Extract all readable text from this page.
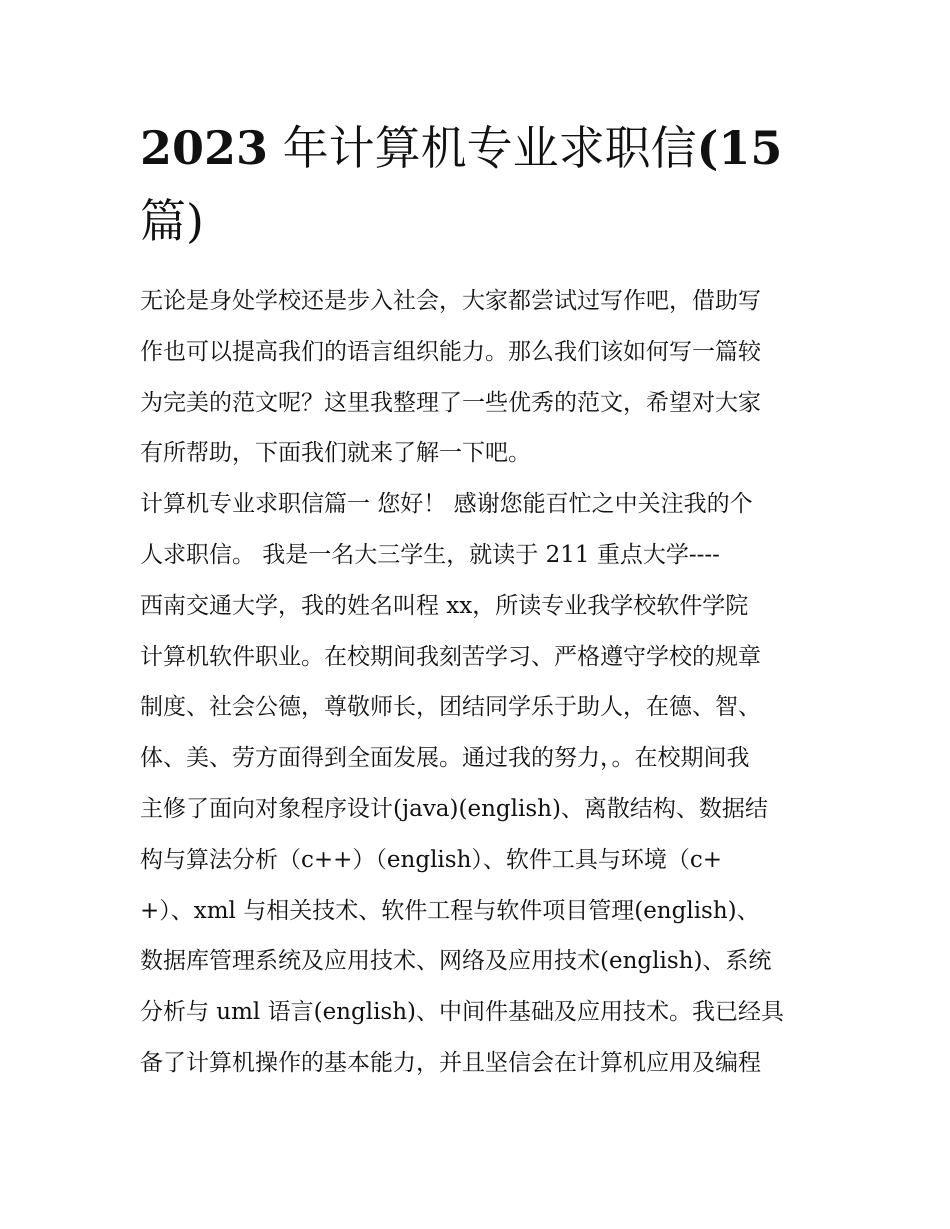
2023 年计算机专业求职信(15
篇)
无论是身处学校还是步入社会，大家都尝试过写作吧，借助写
作也可以提高我们的语言组织能力。那么我们该如何写一篇较
为完美的范文呢？这里我整理了一些优秀的范文，希望对大家
有所帮助，下面我们就来了解一下吧。
计算机专业求职信篇一 您好！ 感谢您能百忙之中关注我的个
人求职信。 我是一名大三学生，就读于 211 重点大学----
西南交通大学，我的姓名叫程 xx，所读专业我学校软件学院
计算机软件职业。在校期间我刻苦学习、严格遵守学校的规章
制度、社会公德，尊敬师长，团结同学乐于助人，在德、智、
体、美、劳方面得到全面发展。通过我的努力，。在校期间我
主修了面向对象程序设计(java)(english)、离散结构、数据结
构与算法分析（c++）（english）、软件工具与环境（c+
+）、xml 与相关技术、软件工程与软件项目管理(english)、
数据库管理系统及应用技术、网络及应用技术(english)、系统
分析与 uml 语言(english)、中间件基础及应用技术。我已经具
备了计算机操作的基本能力，并且坚信会在计算机应用及编程
